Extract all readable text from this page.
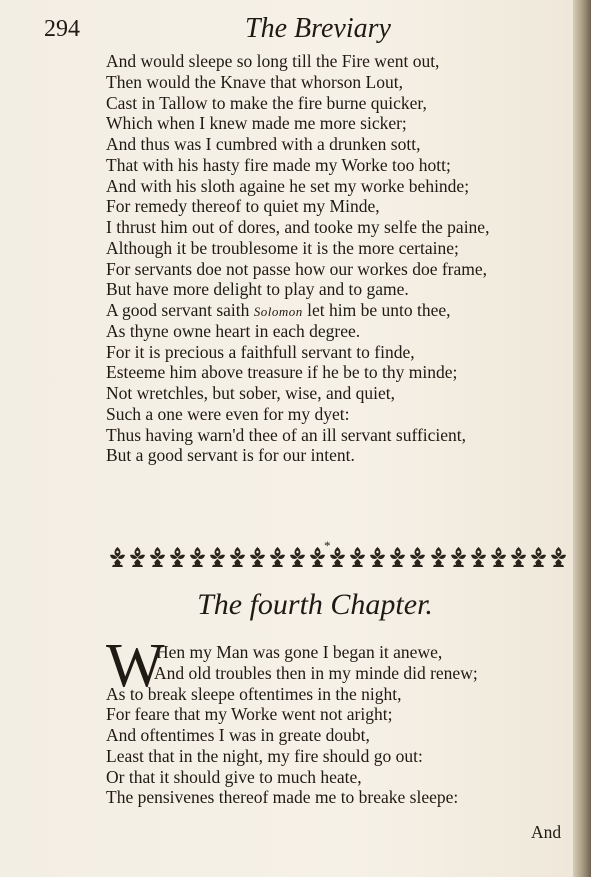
294	The Breviary
And would sleepe so long till the Fire went out,
Then would the Knave that whorson Lout,
Cast in Tallow to make the fire burne quicker,
Which when I knew made me more sicker;
And thus was I cumbred with a drunken sott,
That with his hasty fire made my Worke too hott;
And with his sloth againe he set my worke behinde;
For remedy thereof to quiet my Minde,
I thrust him out of dores, and tooke my selfe the paine,
Although it be troublesome it is the more certaine;
For servants doe not passe how our workes doe frame,
But have more delight to play and to game.
A good servant saith Solomon let him be unto thee,
As thyne owne heart in each degree.
For it is precious a faithfull servant to finde,
Esteeme him above treasure if he be to thy minde;
Not wretchles, but sober, wise, and quiet,
Such a one were even for my dyet:
Thus having warn'd thee of an ill servant sufficient,
But a good servant is for our intent.
*
The fourth Chapter.
W
Hen my Man was gone I began it anewe,
And old troubles then in my minde did renew;
As to break sleepe oftentimes in the night,
For feare that my Worke went not aright;
And oftentimes I was in greate doubt,
Least that in the night, my fire should go out:
Or that it should give to much heate,
The pensivenes thereof made me to breake sleepe:
And
